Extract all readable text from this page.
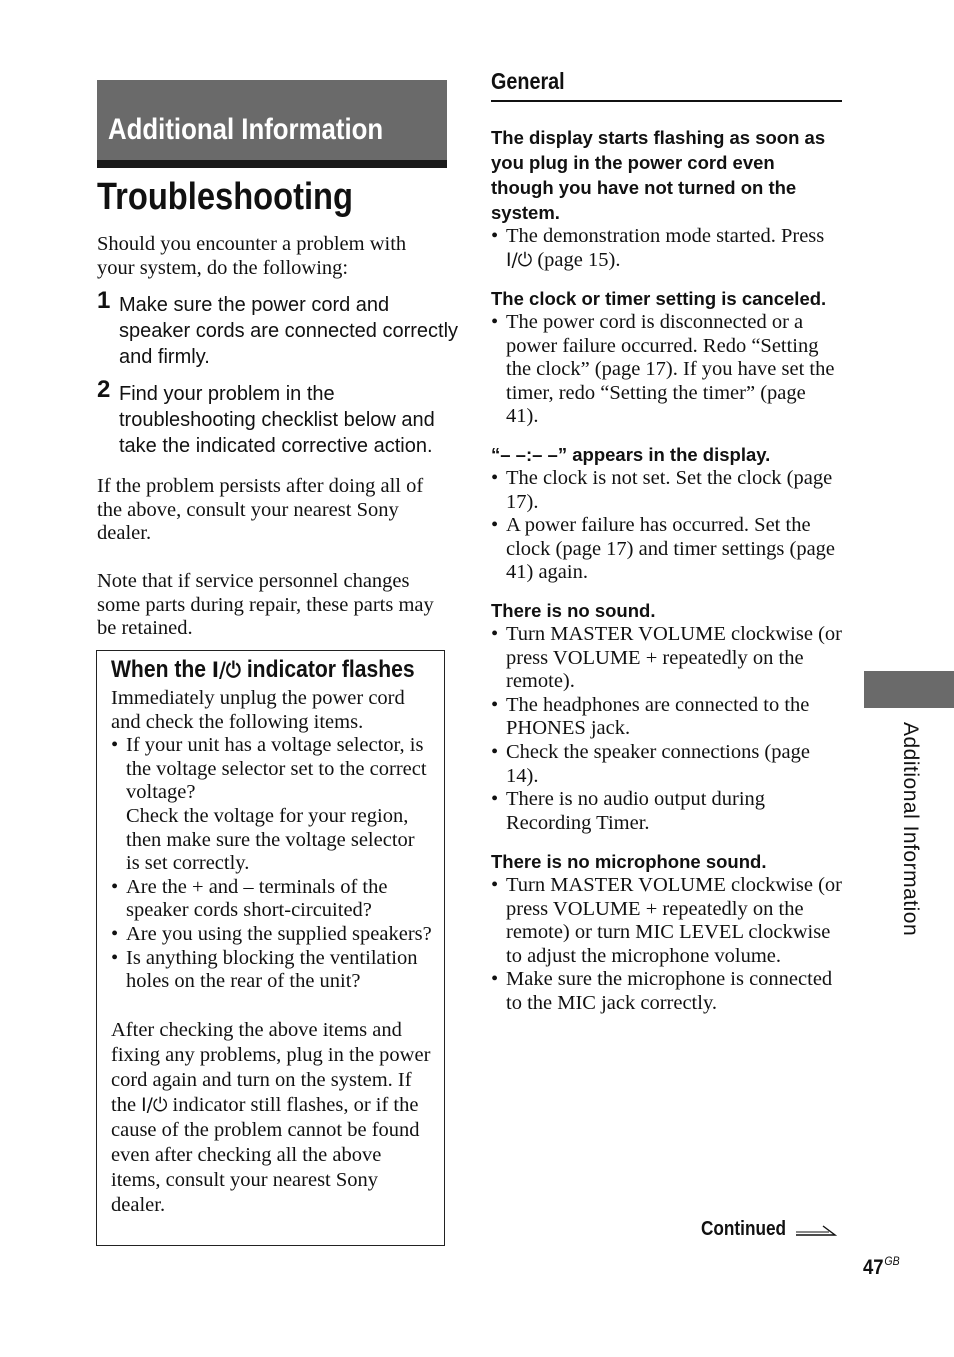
Additional Information
Troubleshooting
Should you encounter a problem with your system, do the following:
1 Make sure the power cord and speaker cords are connected correctly and firmly.
2 Find your problem in the troubleshooting checklist below and take the indicated corrective action.
If the problem persists after doing all of the above, consult your nearest Sony dealer.
Note that if service personnel changes some parts during repair, these parts may be retained.
When the I/⏻ indicator flashes
Immediately unplug the power cord and check the following items.
• If your unit has a voltage selector, is the voltage selector set to the correct voltage?
Check the voltage for your region, then make sure the voltage selector is set correctly.
• Are the + and – terminals of the speaker cords short-circuited?
• Are you using the supplied speakers?
• Is anything blocking the ventilation holes on the rear of the unit?
After checking the above items and fixing any problems, plug in the power cord again and turn on the system. If the I/⏻ indicator still flashes, or if the cause of the problem cannot be found even after checking all the above items, consult your nearest Sony dealer.
General
The display starts flashing as soon as you plug in the power cord even though you have not turned on the system.
• The demonstration mode started. Press I/⏻ (page 15).
The clock or timer setting is canceled.
• The power cord is disconnected or a power failure occurred. Redo “Setting the clock” (page 17). If you have set the timer, redo “Setting the timer” (page 41).
“– –:– –” appears in the display.
• The clock is not set. Set the clock (page 17).
• A power failure has occurred. Set the clock (page 17) and timer settings (page 41) again.
There is no sound.
• Turn MASTER VOLUME clockwise (or press VOLUME + repeatedly on the remote).
• The headphones are connected to the PHONES jack.
• Check the speaker connections (page 14).
• There is no audio output during Recording Timer.
There is no microphone sound.
• Turn MASTER VOLUME clockwise (or press VOLUME + repeatedly on the remote) or turn MIC LEVEL clockwise to adjust the microphone volume.
• Make sure the microphone is connected to the MIC jack correctly.
Additional Information
Continued
$47^{GB}$
